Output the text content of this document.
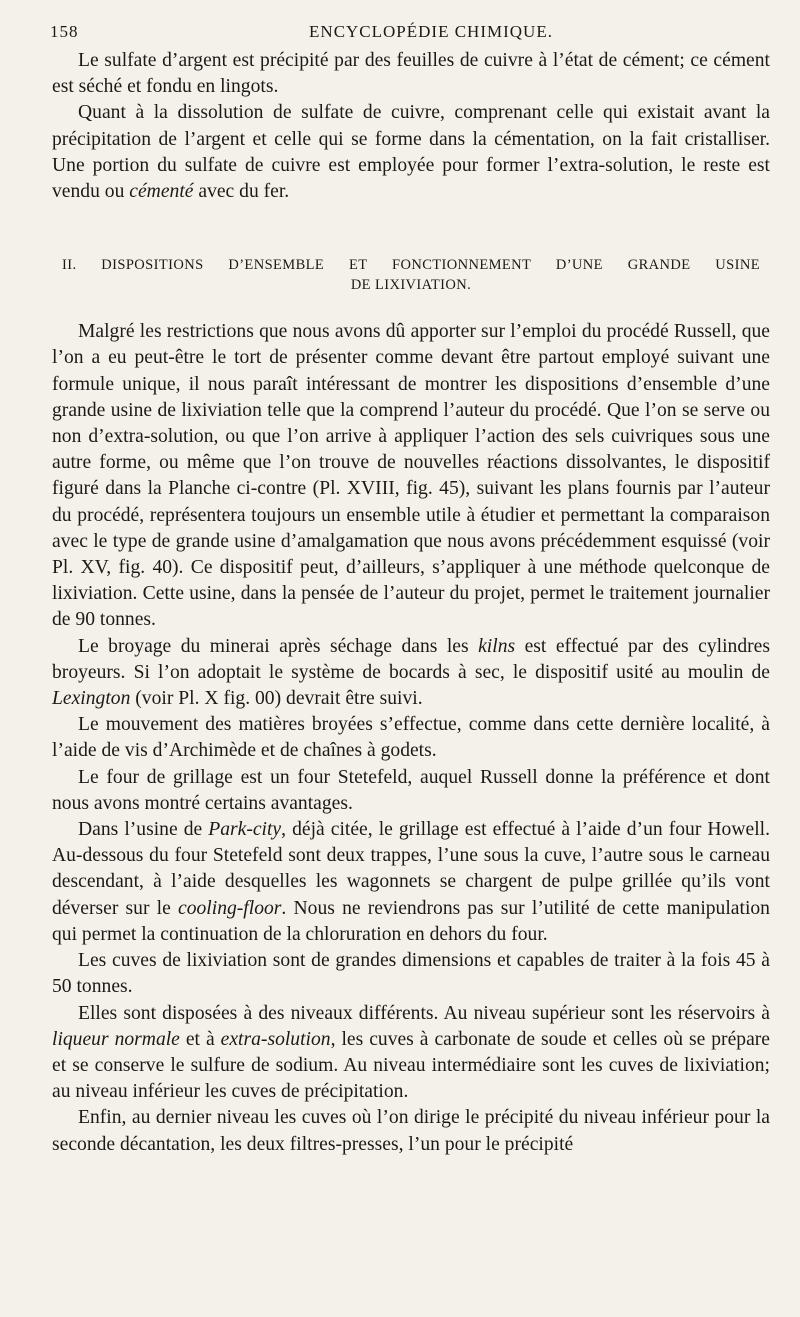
158	ENCYCLOPÉDIE CHIMIQUE.

Le sulfate d’argent est précipité par des feuilles de cuivre à l’état de cément; ce cément est séché et fondu en lingots.

Quant à la dissolution de sulfate de cuivre, comprenant celle qui existait avant la précipitation de l’argent et celle qui se forme dans la cémentation, on la fait cristalliser. Une portion du sulfate de cuivre est employée pour former l’extra-solution, le reste est vendu ou cémenté avec du fer.

II. DISPOSITIONS D’ENSEMBLE ET FONCTIONNEMENT D’UNE GRANDE USINE
DE LIXIVIATION.

Malgré les restrictions que nous avons dû apporter sur l’emploi du procédé Russell, que l’on a eu peut-être le tort de présenter comme devant être partout employé suivant une formule unique, il nous paraît intéressant de montrer les dispositions d’ensemble d’une grande usine de lixiviation telle que la comprend l’auteur du procédé. Que l’on se serve ou non d’extra-solution, ou que l’on arrive à appliquer l’action des sels cuivriques sous une autre forme, ou même que l’on trouve de nouvelles réactions dissolvantes, le dispositif figuré dans la Planche ci-contre (Pl. XVIII, fig. 45), suivant les plans fournis par l’auteur du procédé, représentera toujours un ensemble utile à étudier et permettant la comparaison avec le type de grande usine d’amalgamation que nous avons précédemment esquissé (voir Pl. XV, fig. 40). Ce dispositif peut, d’ailleurs, s’appliquer à une méthode quelconque de lixiviation. Cette usine, dans la pensée de l’auteur du projet, permet le traitement journalier de 90 tonnes.

Le broyage du minerai après séchage dans les kilns est effectué par des cylindres broyeurs. Si l’on adoptait le système de bocards à sec, le dispositif usité au moulin de Lexington (voir Pl. X fig. 00) devrait être suivi.

Le mouvement des matières broyées s’effectue, comme dans cette dernière localité, à l’aide de vis d’Archimède et de chaînes à godets.

Le four de grillage est un four Stetefeld, auquel Russell donne la préférence et dont nous avons montré certains avantages.

Dans l’usine de Park-city, déjà citée, le grillage est effectué à l’aide d’un four Howell. Au-dessous du four Stetefeld sont deux trappes, l’une sous la cuve, l’autre sous le carneau descendant, à l’aide desquelles les wagonnets se chargent de pulpe grillée qu’ils vont déverser sur le cooling-floor. Nous ne reviendrons pas sur l’utilité de cette manipulation qui permet la continuation de la chloruration en dehors du four.

Les cuves de lixiviation sont de grandes dimensions et capables de traiter à la fois 45 à 50 tonnes.

Elles sont disposées à des niveaux différents. Au niveau supérieur sont les réservoirs à liqueur normale et à extra-solution, les cuves à carbonate de soude et celles où se prépare et se conserve le sulfure de sodium. Au niveau intermédiaire sont les cuves de lixiviation; au niveau inférieur les cuves de précipitation.

Enfin, au dernier niveau les cuves où l’on dirige le précipité du niveau inférieur pour la seconde décantation, les deux filtres-presses, l’un pour le précipité
